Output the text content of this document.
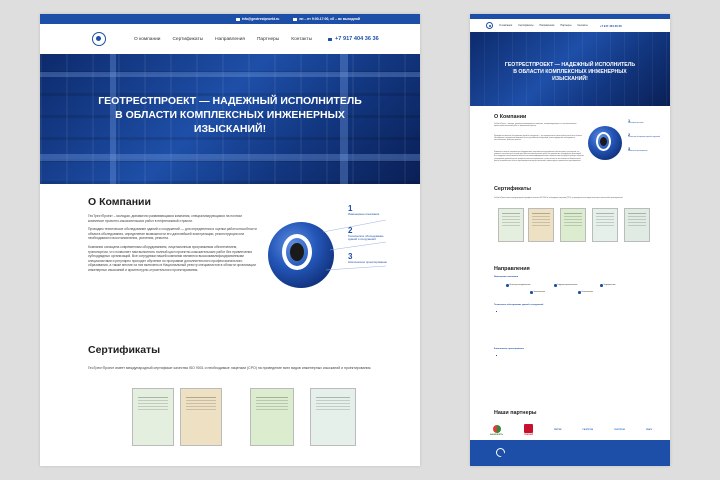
info@geotrestproekt.ru	пн – пт 9:00-17:00, сб – вс выходной
О компании	Сертификаты	Направления	Партнеры	Контакты	+7 917 404 36 36
ГЕОТРЕСТПРОЕКТ — НАДЕЖНЫЙ ИСПОЛНИТЕЛЬ
В ОБЛАСТИ КОМПЛЕКСНЫХ ИНЖЕНЕРНЫХ
ИЗЫСКАНИЙ!
О Компании

ГеоТрестПроект – молодая, динамично развивающаяся компания, специализирующаяся на полном комплексе проектно-изыскательских работ в нефтегазовой отрасли.

Проводим техническое обследование зданий и сооружений — для определения и оценки работоспособности объекта обследования, определение возможности его дальнейшей эксплуатации, реконструкции или необходимости восстановления, усиления, ремонта.

Компания оснащена современным оборудованием, лицензионным программным обеспечением, транспортом, что позволяет нам выполнять полный цикл проектно-изыскательских работ без привлечения субподрядных организаций. Все сотрудники нашей компании являются высококвалифицированными специалистами и регулярно проходят обучение по программе дополнительного профессионального образования, а также многие из них включены в Национальный реестр специалистов в области организации инженерных изысканий и архитектурно-строительного проектирования.

1
Инженерные изыскания
2
Техническое обследование зданий и сооружений
3
Комплексное проектирование
Сертификаты
ГеоТрестПроект имеет международный сертификат качества ISO 9001 и необходимые лицензии (СРО) на проведение всех видов инженерных изысканий и проектирования.
О компании	Сертификаты	Направления	Партнеры	Контакты	+7 917 404 36 36
ГЕОТРЕСТПРОЕКТ — НАДЕЖНЫЙ ИСПОЛНИТЕЛЬ
В ОБЛАСТИ КОМПЛЕКСНЫХ ИНЖЕНЕРНЫХ
ИЗЫСКАНИЙ!
О Компании
ГеоТрестПроект – молодая, динамично развивающаяся компания, специализирующаяся на полном комплексе проектно-изыскательских работ в нефтегазовой отрасли.
Проводим техническое обследование зданий и сооружений — для определения и оценки работоспособности объекта обследования, определение возможности его дальнейшей эксплуатации, реконструкции или необходимости восстановления, усиления, ремонта.
Компания оснащена современным оборудованием, лицензионным программным обеспечением, транспортом, что позволяет нам выполнять полный цикл проектно-изыскательских работ без привлечения субподрядных организаций. Все сотрудники нашей компании являются высококвалифицированными специалистами и регулярно проходят обучение по программе дополнительного профессионального образования, а также многие из них включены в Национальный реестр специалистов в области организации инженерных изысканий и архитектурно-строительного проектирования.
1
Инженерные изыскания
2
Техническое обследование зданий и сооружений
3
Комплексное проектирование
Сертификаты
ГеоТрестПроект имеет международный сертификат качества ISO 9001 и необходимые лицензии (СРО) на проведение всех видов инженерных изысканий и проектирования.
Направления
Инженерные изыскания
Инженерно-геодезические	Гидрометеорологические	Геофизические
Экологические	Геологические
Техническое обследование зданий и сооружений
Комплексное проектирование
Наши партнеры
БАШНЕФТЬ	ЛУКОЙЛ
РИТЭК	ГАЗПРОМ	ГАЗПРОМ	СНКЭ
